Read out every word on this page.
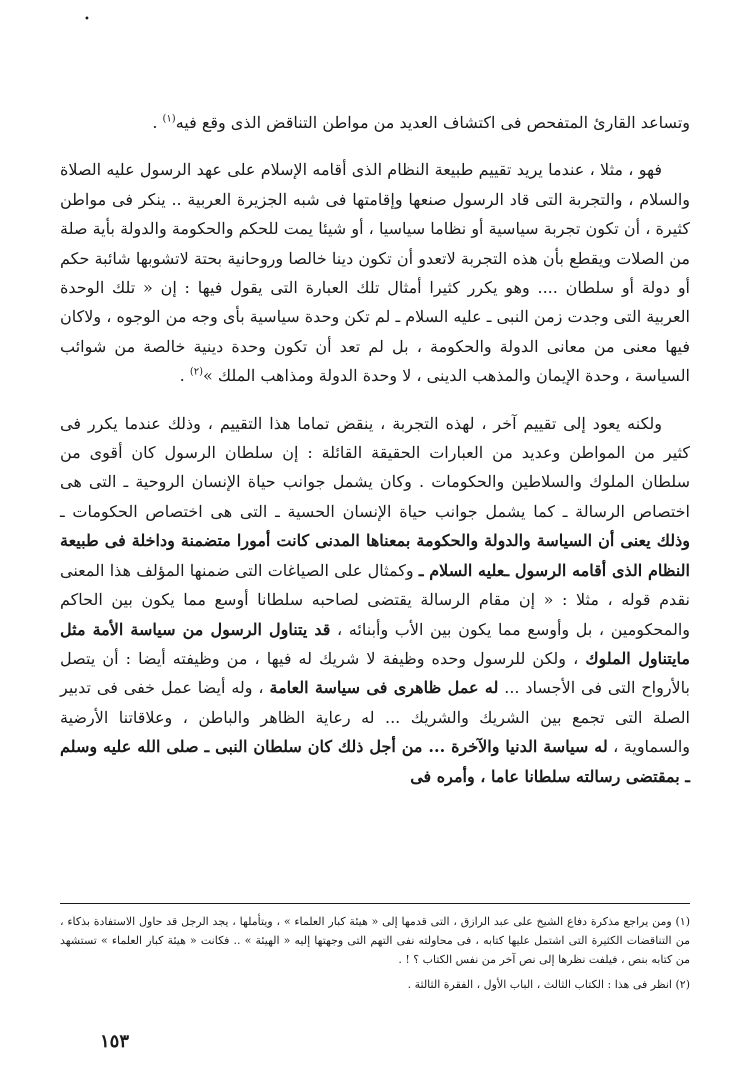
•

وتساعد القارئ المتفحص فى اكتشاف العديد من مواطن التناقض الذى وقع فيه$^{(١)}$ .

فهو ، مثلا ، عندما يريد تقييم طبيعة النظام الذى أقامه الإسلام على عهد الرسول عليه الصلاة والسلام ، والتجربة التى قاد الرسول صنعها وإقامتها فى شبه الجزيرة العربية .. ينكر فى مواطن كثيرة ، أن تكون تجربة سياسية أو نظاما سياسيا ، أو شيئا يمت للحكم والحكومة والدولة بأية صلة من الصلات ويقطع بأن هذه التجربة لاتعدو أن تكون دينا خالصا وروحانية بحتة لاتشوبها شائبة حكم أو دولة أو سلطان .... وهو يكرر كثيرا أمثال تلك العبارة التى يقول فيها : إن « تلك الوحدة العربية التى وجدت زمن النبى ـ عليه السلام ـ لم تكن وحدة سياسية بأى وجه من الوجوه ، ولاكان فيها معنى من معانى الدولة والحكومة ، بل لم تعد أن تكون وحدة دينية خالصة من شوائب السياسة ، وحدة الإيمان والمذهب الدينى ، لا وحدة الدولة ومذاهب الملك »$^{(٢)}$ .

ولكنه يعود إلى تقييم آخر ، لهذه التجربة ، ينقض تماما هذا التقييم ، وذلك عندما يكرر فى كثير من المواطن وعديد من العبارات الحقيقة القائلة : إن سلطان الرسول كان أقوى من سلطان الملوك والسلاطين والحكومات . وكان يشمل جوانب حياة الإنسان الروحية ـ التى هى اختصاص الرسالة ـ كما يشمل جوانب حياة الإنسان الحسية ـ التى هى اختصاص الحكومات ـ وذلك يعنى أن السياسة والدولة والحكومة بمعناها المدنى كانت أمورا متضمنة وداخلة فى طبيعة النظام الذى أقامه الرسول ـعليه السلام ـ وكمثال على الصياغات التى ضمنها المؤلف هذا المعنى نقدم قوله ، مثلا : « إن مقام الرسالة يقتضى لصاحبه سلطانا أوسع مما يكون بين الحاكم والمحكومين ، بل وأوسع مما يكون بين الأب وأبنائه ، قد يتناول الرسول من سياسة الأمة مثل مايتناول الملوك ، ولكن للرسول وحده وظيفة لا شريك له فيها ، من وظيفته أيضا : أن يتصل بالأرواح التى فى الأجساد ... له عمل ظاهرى فى سياسة العامة ، وله أيضا عمل خفى فى تدبير الصلة التى تجمع بين الشريك والشريك ... له رعاية الظاهر والباطن ، وعلاقاتنا الأرضية والسماوية ، له سياسة الدنيا والآخرة ... من أجل ذلك كان سلطان النبى ـ صلى الله عليه وسلم ـ بمقتضى رسالته سلطانا عاما ، وأمره فى

(١) ومن يراجع مذكرة دفاع الشيخ على عبد الرازق ، التى قدمها إلى « هيئة كبار العلماء » ، ويتأملها ، يجد الرجل قد حاول الاستفادة بذكاء ، من التناقضات الكثيرة التى اشتمل عليها كتابه ، فى محاولته نفى التهم التى وجهتها إليه « الهيئة » .. فكانت « هيئة كبار العلماء » تستشهد من كتابه بنص ، فيلفت نظرها إلى نص آخر من نفس الكتاب ؟ ! .

(٢) انظر فى هذا : الكتاب الثالث ، الباب الأول ، الفقرة الثالثة .

١٥٣
